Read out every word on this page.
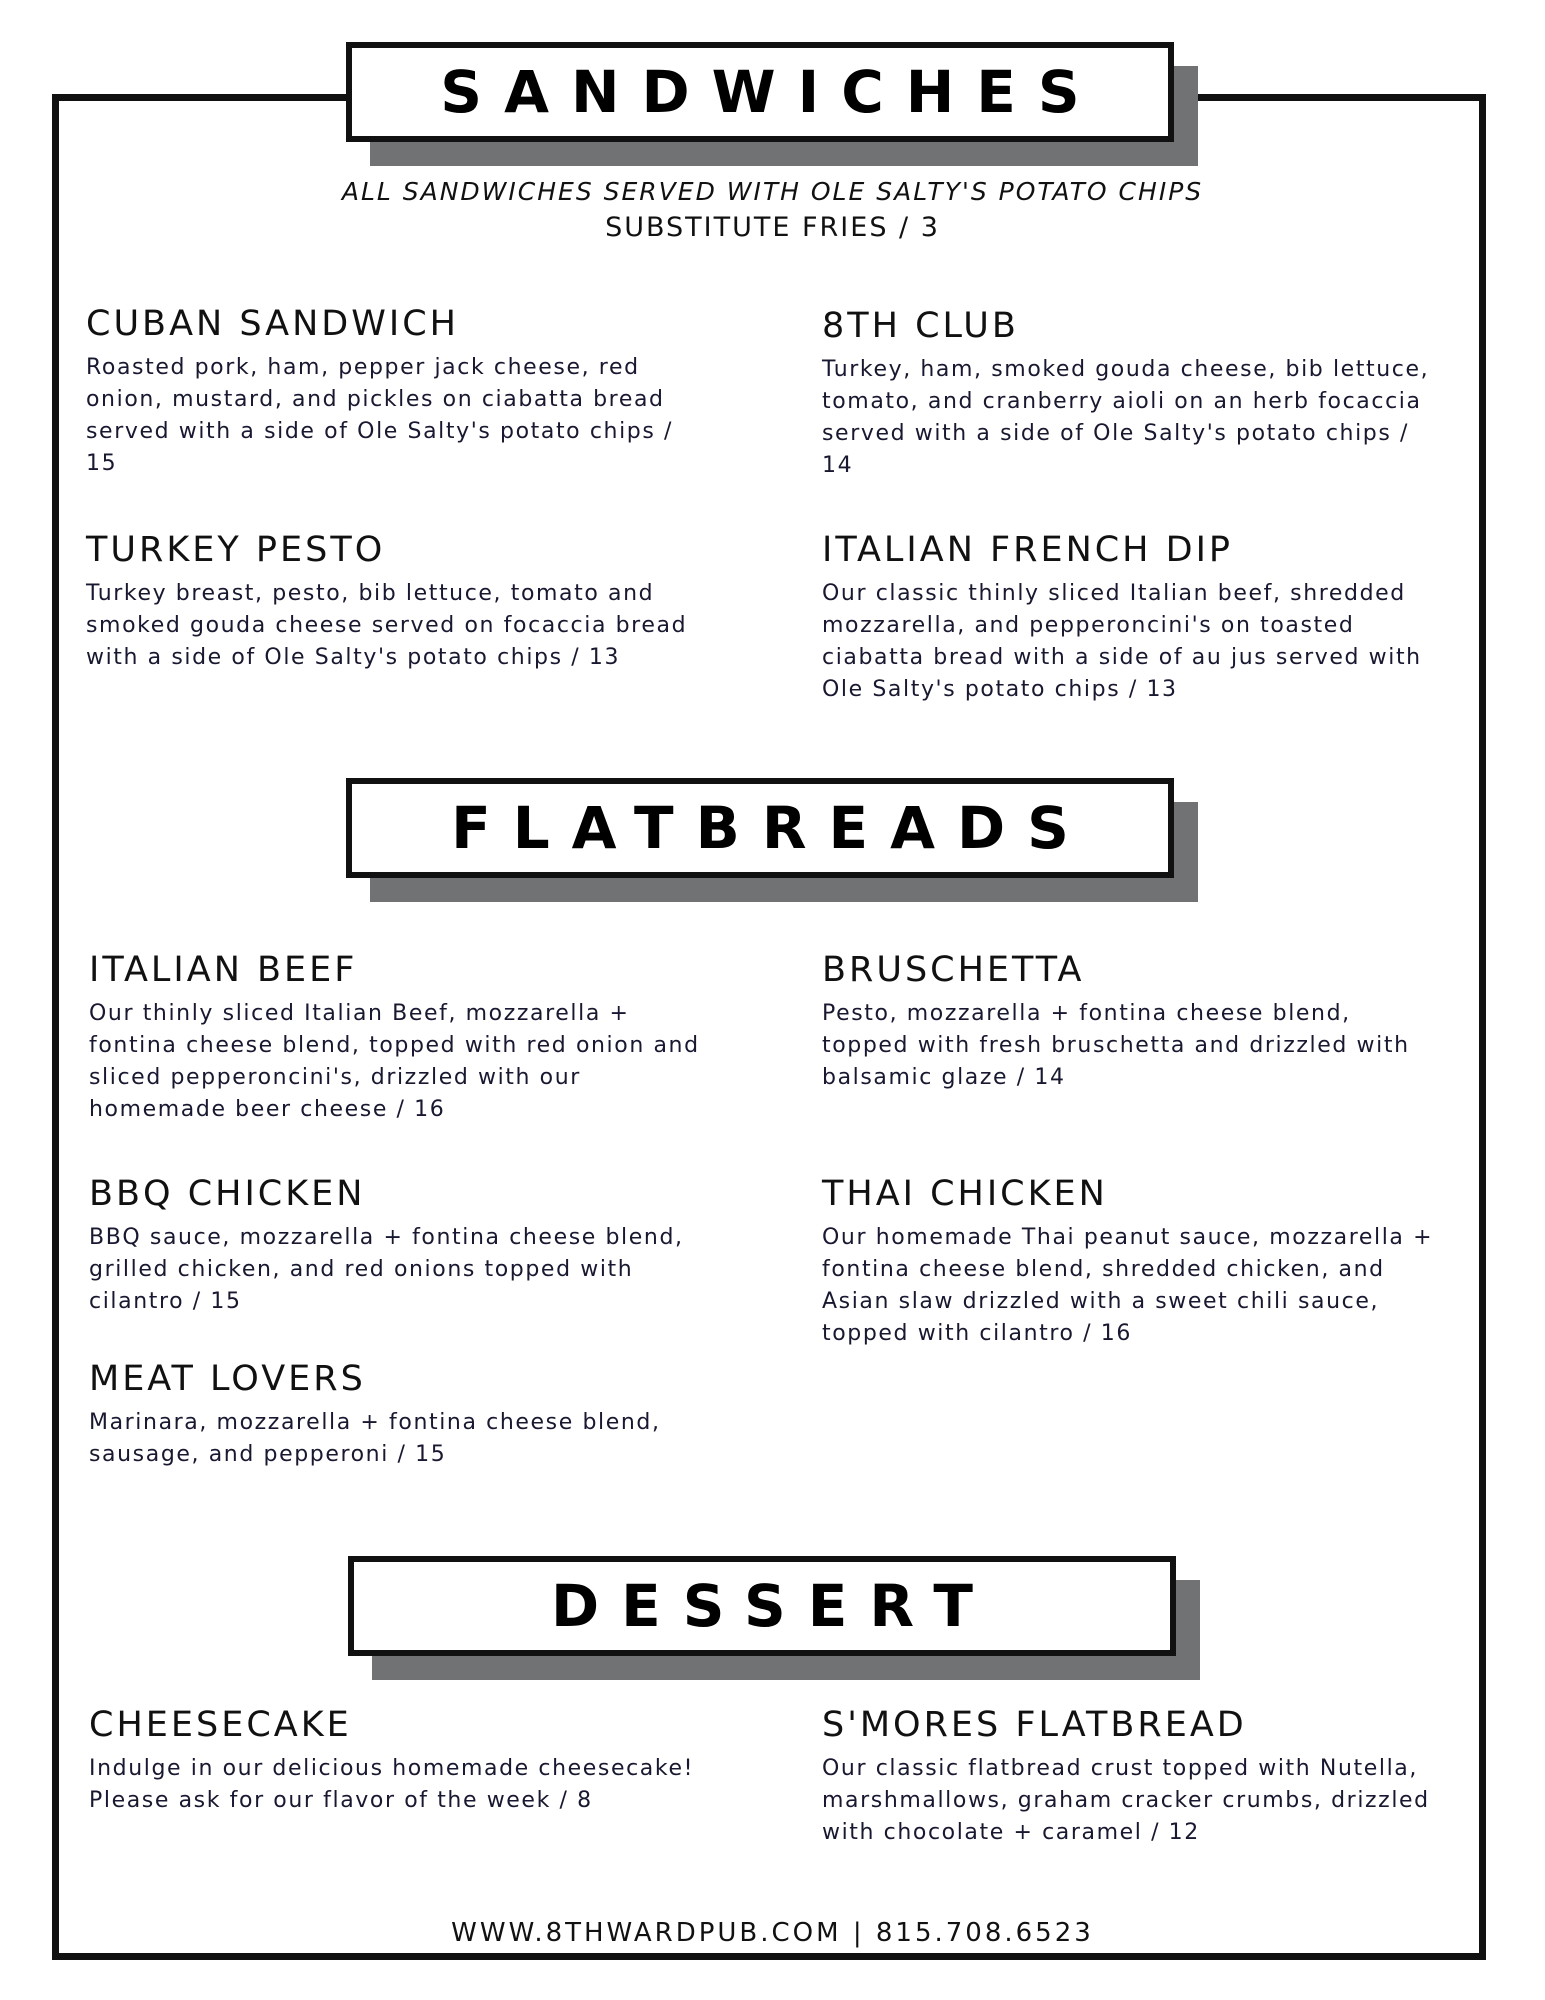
SANDWICHES
ALL SANDWICHES SERVED WITH OLE SALTY'S POTATO CHIPS
SUBSTITUTE FRIES / 3
CUBAN SANDWICH
Roasted pork, ham, pepper jack cheese, red onion, mustard, and pickles on ciabatta bread served with a side of Ole Salty's potato chips / 15
8TH CLUB
Turkey, ham, smoked gouda cheese, bib lettuce, tomato, and cranberry aioli on an herb focaccia served with a side of Ole Salty's potato chips / 14
TURKEY PESTO
Turkey breast, pesto, bib lettuce, tomato and smoked gouda cheese served on focaccia bread with a side of Ole Salty's potato chips / 13
ITALIAN FRENCH DIP
Our classic thinly sliced Italian beef, shredded mozzarella, and pepperoncini's on toasted ciabatta bread with a side of au jus served with Ole Salty's potato chips / 13
FLATBREADS
ITALIAN BEEF
Our thinly sliced Italian Beef, mozzarella + fontina cheese blend, topped with red onion and sliced pepperoncini's, drizzled with our homemade beer cheese / 16
BRUSCHETTA
Pesto, mozzarella + fontina cheese blend, topped with fresh bruschetta and drizzled with balsamic glaze / 14
BBQ CHICKEN
BBQ sauce, mozzarella + fontina cheese blend, grilled chicken, and red onions topped with cilantro / 15
THAI CHICKEN
Our homemade Thai peanut sauce, mozzarella + fontina cheese blend, shredded chicken, and Asian slaw drizzled with a sweet chili sauce, topped with cilantro / 16
MEAT LOVERS
Marinara, mozzarella + fontina cheese blend, sausage, and pepperoni / 15
DESSERT
CHEESECAKE
Indulge in our delicious homemade cheesecake! Please ask for our flavor of the week / 8
S'MORES FLATBREAD
Our classic flatbread crust topped with Nutella, marshmallows, graham cracker crumbs, drizzled with chocolate + caramel / 12
WWW.8THWARDPUB.COM | 815.708.6523
